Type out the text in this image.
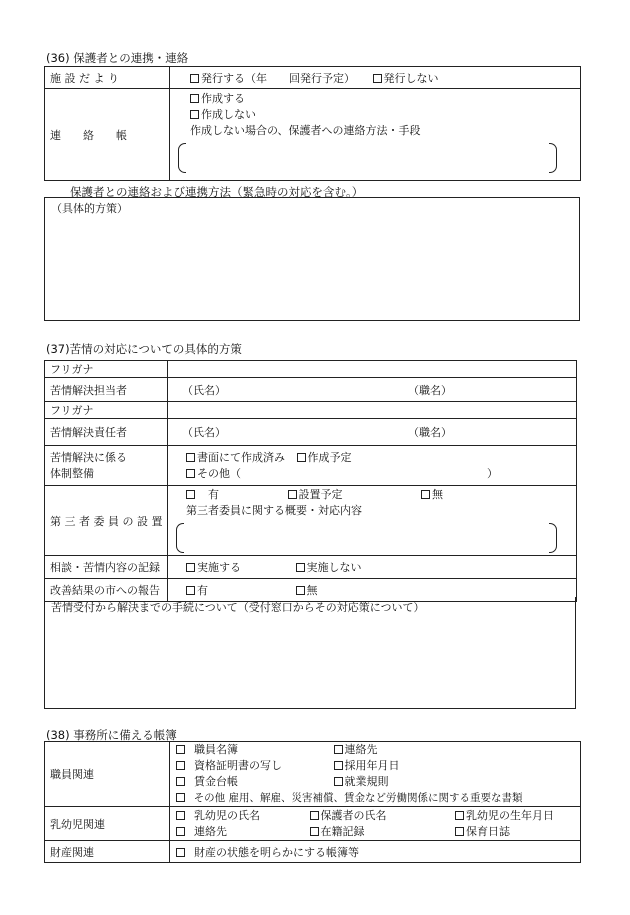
(36) 保護者との連携・連絡
施 設 だ よ り	発行する（年　　回発行予定） 発行しない
連　　絡　　帳	作成する
作成しない
作成しない場合の、保護者への連絡方法・手段
保護者との連絡および連携方法（緊急時の対応を含む。）
（具体的方策）
(37)苦情の対応についての具体的方策
フリガナ	
苦情解決担当者	（氏名） （職名）
フリガナ	
苦情解決責任者	（氏名） （職名）

苦情解決に係る
体制整備	書面にて作成済み 作成予定
その他（ ）

第 三 者 委 員 の 設 置	　有 設置予定 無
第三者委員に関する概要・対応内容

相談・苦情内容の記録	実施する 実施しない
改善結果の市への報告	有 無
苦情受付から解決までの手続について（受付窓口からその対応策について）
(38) 事務所に備える帳簿
職員関連	職員名簿 連絡先
資格証明書の写し 採用年月日
賃金台帳 就業規則
その他 雇用、解雇、災害補償、賃金など労働関係に関する重要な書類

乳幼児関連	乳幼児の氏名 保護者の氏名 乳幼児の生年月日
連絡先 在籍記録 保育日誌

財産関連	財産の状態を明らかにする帳簿等
